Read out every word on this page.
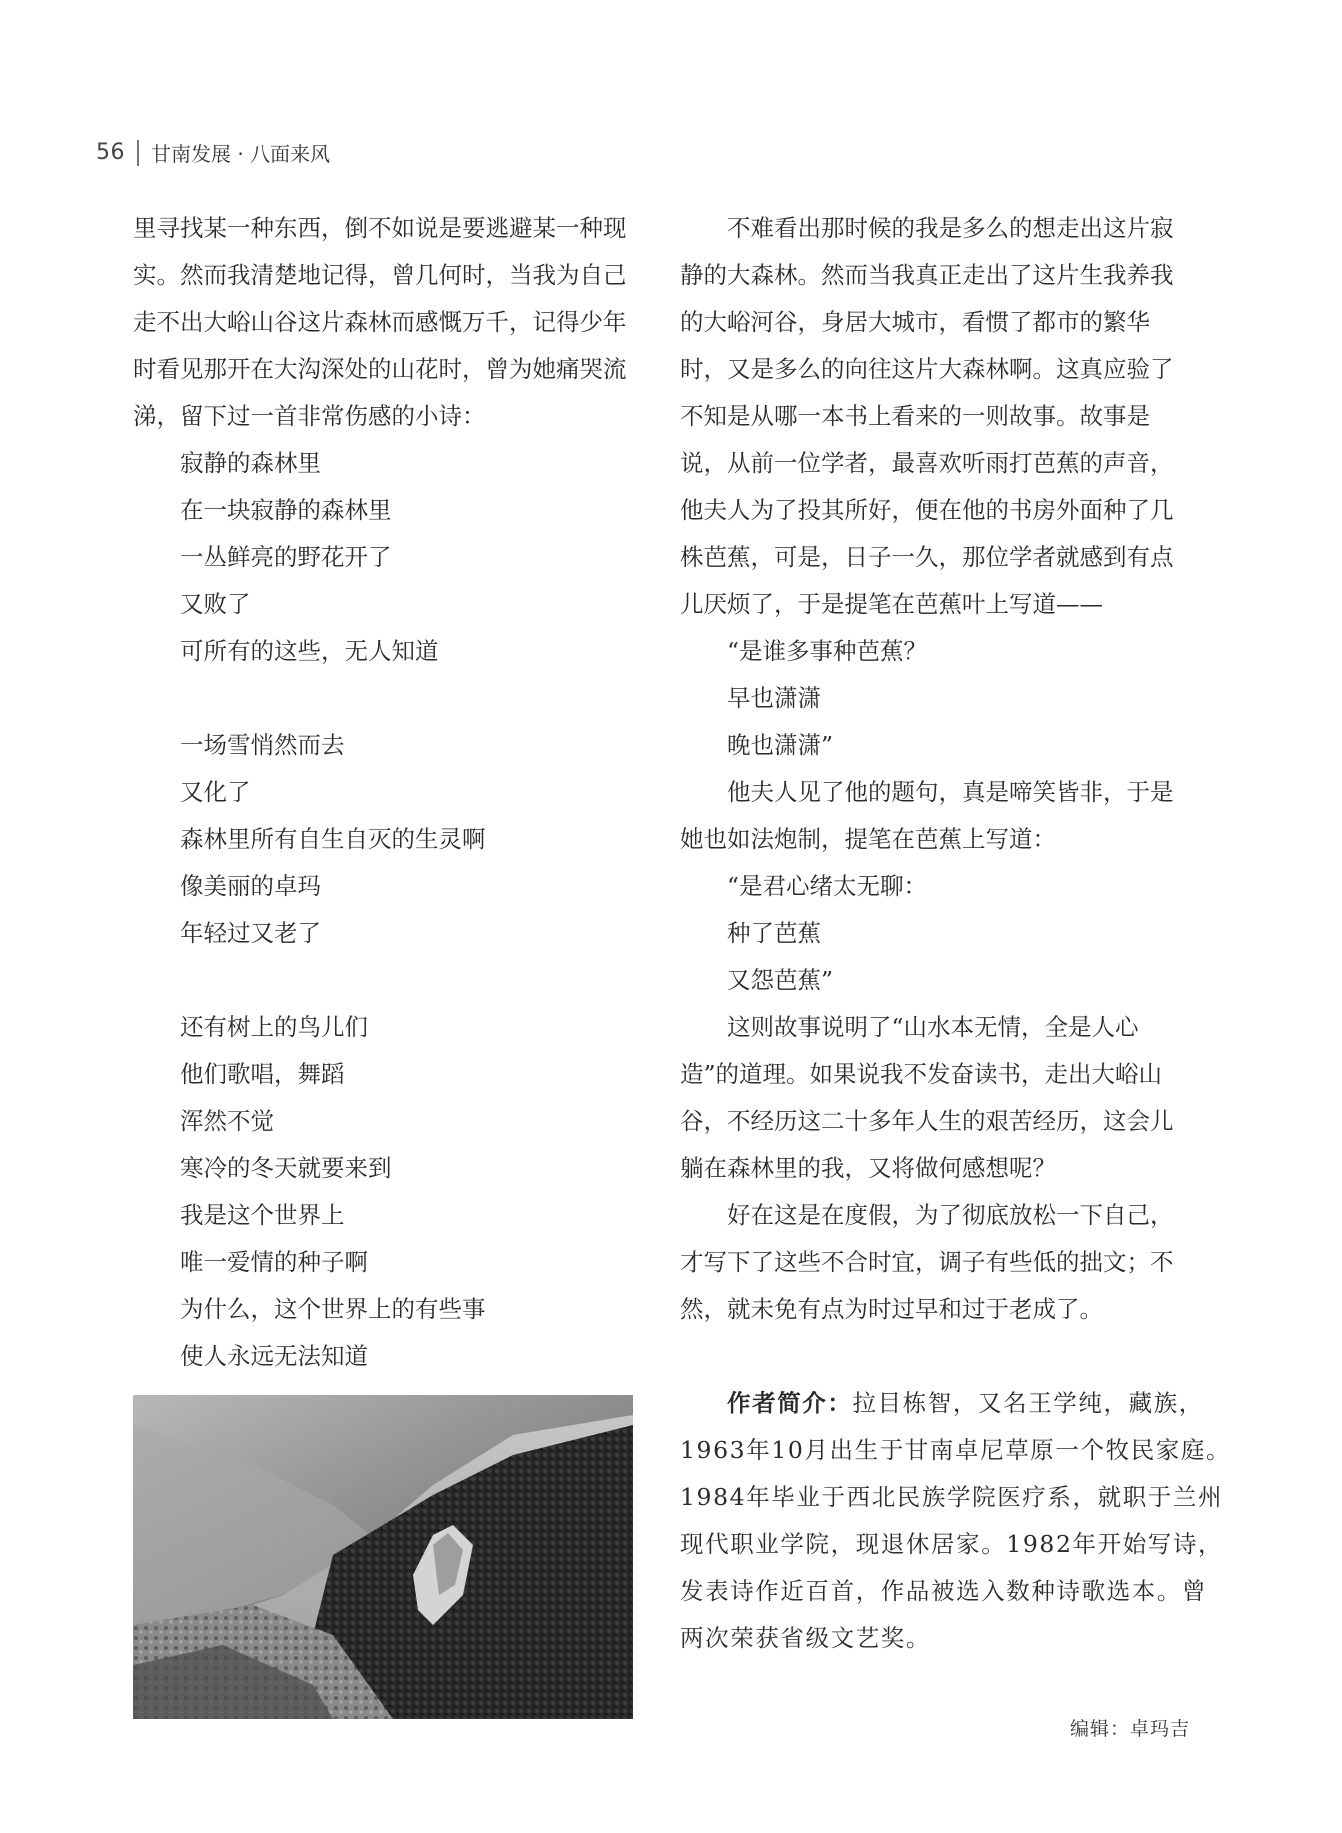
56 甘南发展 · 八面来风
里寻找某一种东西，倒不如说是要逃避某一种现
实。然而我清楚地记得，曾几何时，当我为自己
走不出大峪山谷这片森林而感慨万千，记得少年
时看见那开在大沟深处的山花时，曾为她痛哭流
涕，留下过一首非常伤感的小诗：
寂静的森林里
在一块寂静的森林里
一丛鲜亮的野花开了
又败了
可所有的这些，无人知道
一场雪悄然而去
又化了
森林里所有自生自灭的生灵啊
像美丽的卓玛
年轻过又老了
还有树上的鸟儿们
他们歌唱，舞蹈
浑然不觉
寒冷的冬天就要来到
我是这个世界上
唯一爱情的种子啊
为什么，这个世界上的有些事
使人永远无法知道
不难看出那时候的我是多么的想走出这片寂
静的大森林。然而当我真正走出了这片生我养我
的大峪河谷，身居大城市，看惯了都市的繁华
时，又是多么的向往这片大森林啊。这真应验了
不知是从哪一本书上看来的一则故事。故事是
说，从前一位学者，最喜欢听雨打芭蕉的声音，
他夫人为了投其所好，便在他的书房外面种了几
株芭蕉，可是，日子一久，那位学者就感到有点
儿厌烦了，于是提笔在芭蕉叶上写道——
“是谁多事种芭蕉？
早也潇潇
晚也潇潇”
他夫人见了他的题句，真是啼笑皆非，于是
她也如法炮制，提笔在芭蕉上写道：
“是君心绪太无聊：
种了芭蕉
又怨芭蕉”
这则故事说明了“山水本无情，全是人心
造”的道理。如果说我不发奋读书，走出大峪山
谷，不经历这二十多年人生的艰苦经历，这会儿
躺在森林里的我，又将做何感想呢？
好在这是在度假，为了彻底放松一下自己，
才写下了这些不合时宜，调子有些低的拙文；不
然，就未免有点为时过早和过于老成了。
作者简介：拉目栋智，又名王学纯，藏族，
1963年10月出生于甘南卓尼草原一个牧民家庭。
1984年毕业于西北民族学院医疗系，就职于兰州
现代职业学院，现退休居家。1982年开始写诗，
发表诗作近百首，作品被选入数种诗歌选本。曾
两次荣获省级文艺奖。
编辑：卓玛吉
